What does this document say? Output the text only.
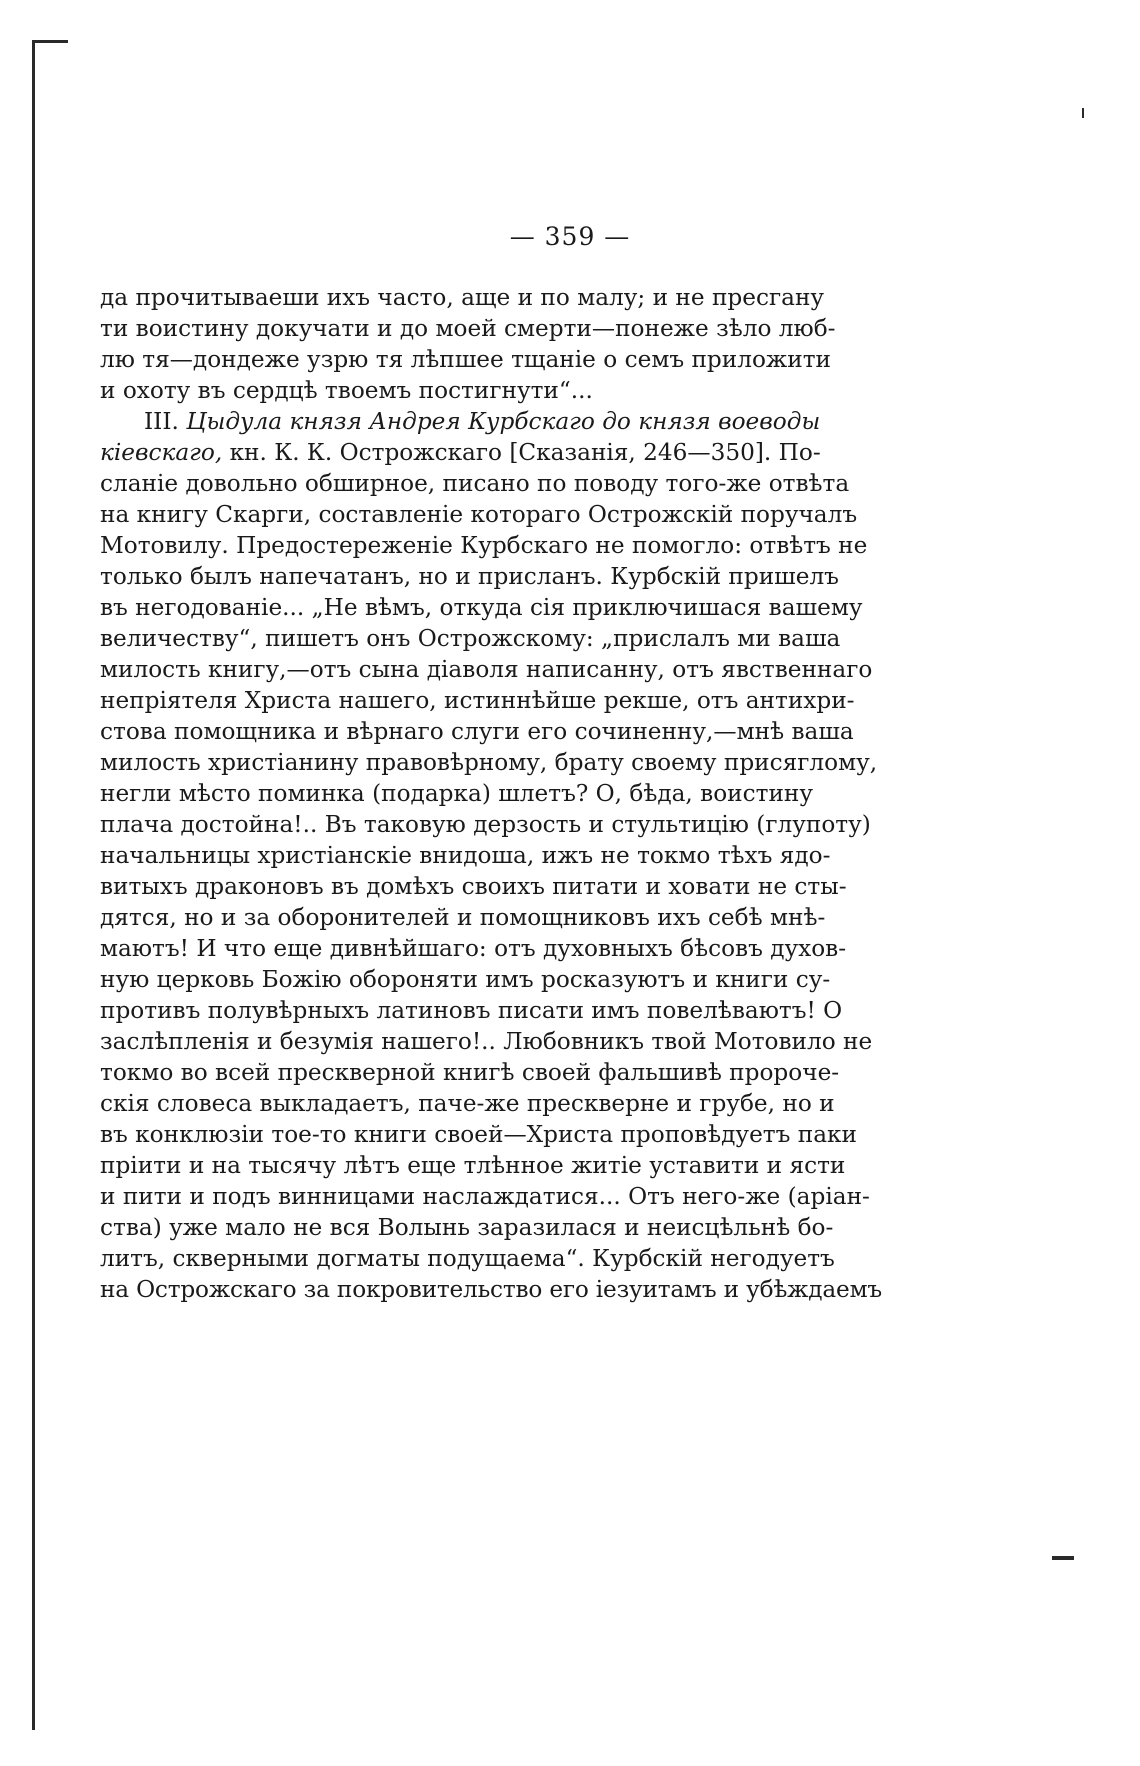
— 359 —
да прочитываеши ихъ часто, аще и по малу; и не пресгану
ти воистину докучати и до моей смерти—понеже зѣло люб-
лю тя—дондеже узрю тя лѣпшее тщаніе о семъ приложити
и охоту въ сердцѣ твоемъ постигнути“...
III. Цыдула князя Андрея Курбскаго до князя воеводы
кіевскаго, кн. К. К. Острожскаго [Сказанія, 246—350]. По-
сланіе довольно обширное, писано по поводу того-же отвѣта
на книгу Скарги, составленіе котораго Острожскій поручалъ
Мотовилу. Предостереженіе Курбскаго не помогло: отвѣтъ не
только былъ напечатанъ, но и присланъ. Курбскій пришелъ
въ негодованіе... „Не вѣмъ, откуда сія приключишася вашему
величеству“, пишетъ онъ Острожскому: „прислалъ ми ваша
милость книгу,—отъ сына діаволя написанну, отъ явственнаго
непріятеля Христа нашего, истиннѣйше рекше, отъ антихри-
стова помощника и вѣрнаго слуги его сочиненну,—мнѣ ваша
милость христіанину правовѣрному, брату своему присяглому,
негли мѣсто поминка (подарка) шлетъ? О, бѣда, воистину
плача достойна!.. Въ таковую дерзость и стультицію (глупоту)
начальницы христіанскіе внидоша, ижъ не токмо тѣхъ ядо-
витыхъ драконовъ въ домѣхъ своихъ питати и ховати не сты-
дятся, но и за оборонителей и помощниковъ ихъ себѣ мнѣ-
маютъ! И что еще дивнѣйшаго: отъ духовныхъ бѣсовъ духов-
ную церковь Божію обороняти имъ росказуютъ и книги су-
противъ полувѣрныхъ латиновъ писати имъ повелѣваютъ! О
заслѣпленія и безумія нашего!.. Любовникъ твой Мотовило не
токмо во всей прескверной книгѣ своей фальшивѣ пророче-
скія словеса выкладаетъ, паче-же прескверне и грубе, но и
въ конклюзіи тое-то книги своей—Христа проповѣдуетъ паки
пріити и на тысячу лѣтъ еще тлѣнное житіе уставити и ясти
и пити и подъ винницами наслаждатися... Отъ него-же (аріан-
ства) уже мало не вся Волынь заразилася и неисцѣльнѣ бо-
литъ, скверными догматы подущаема“. Курбскій негодуетъ
на Острожскаго за покровительство его іезуитамъ и убѣждаемъ
